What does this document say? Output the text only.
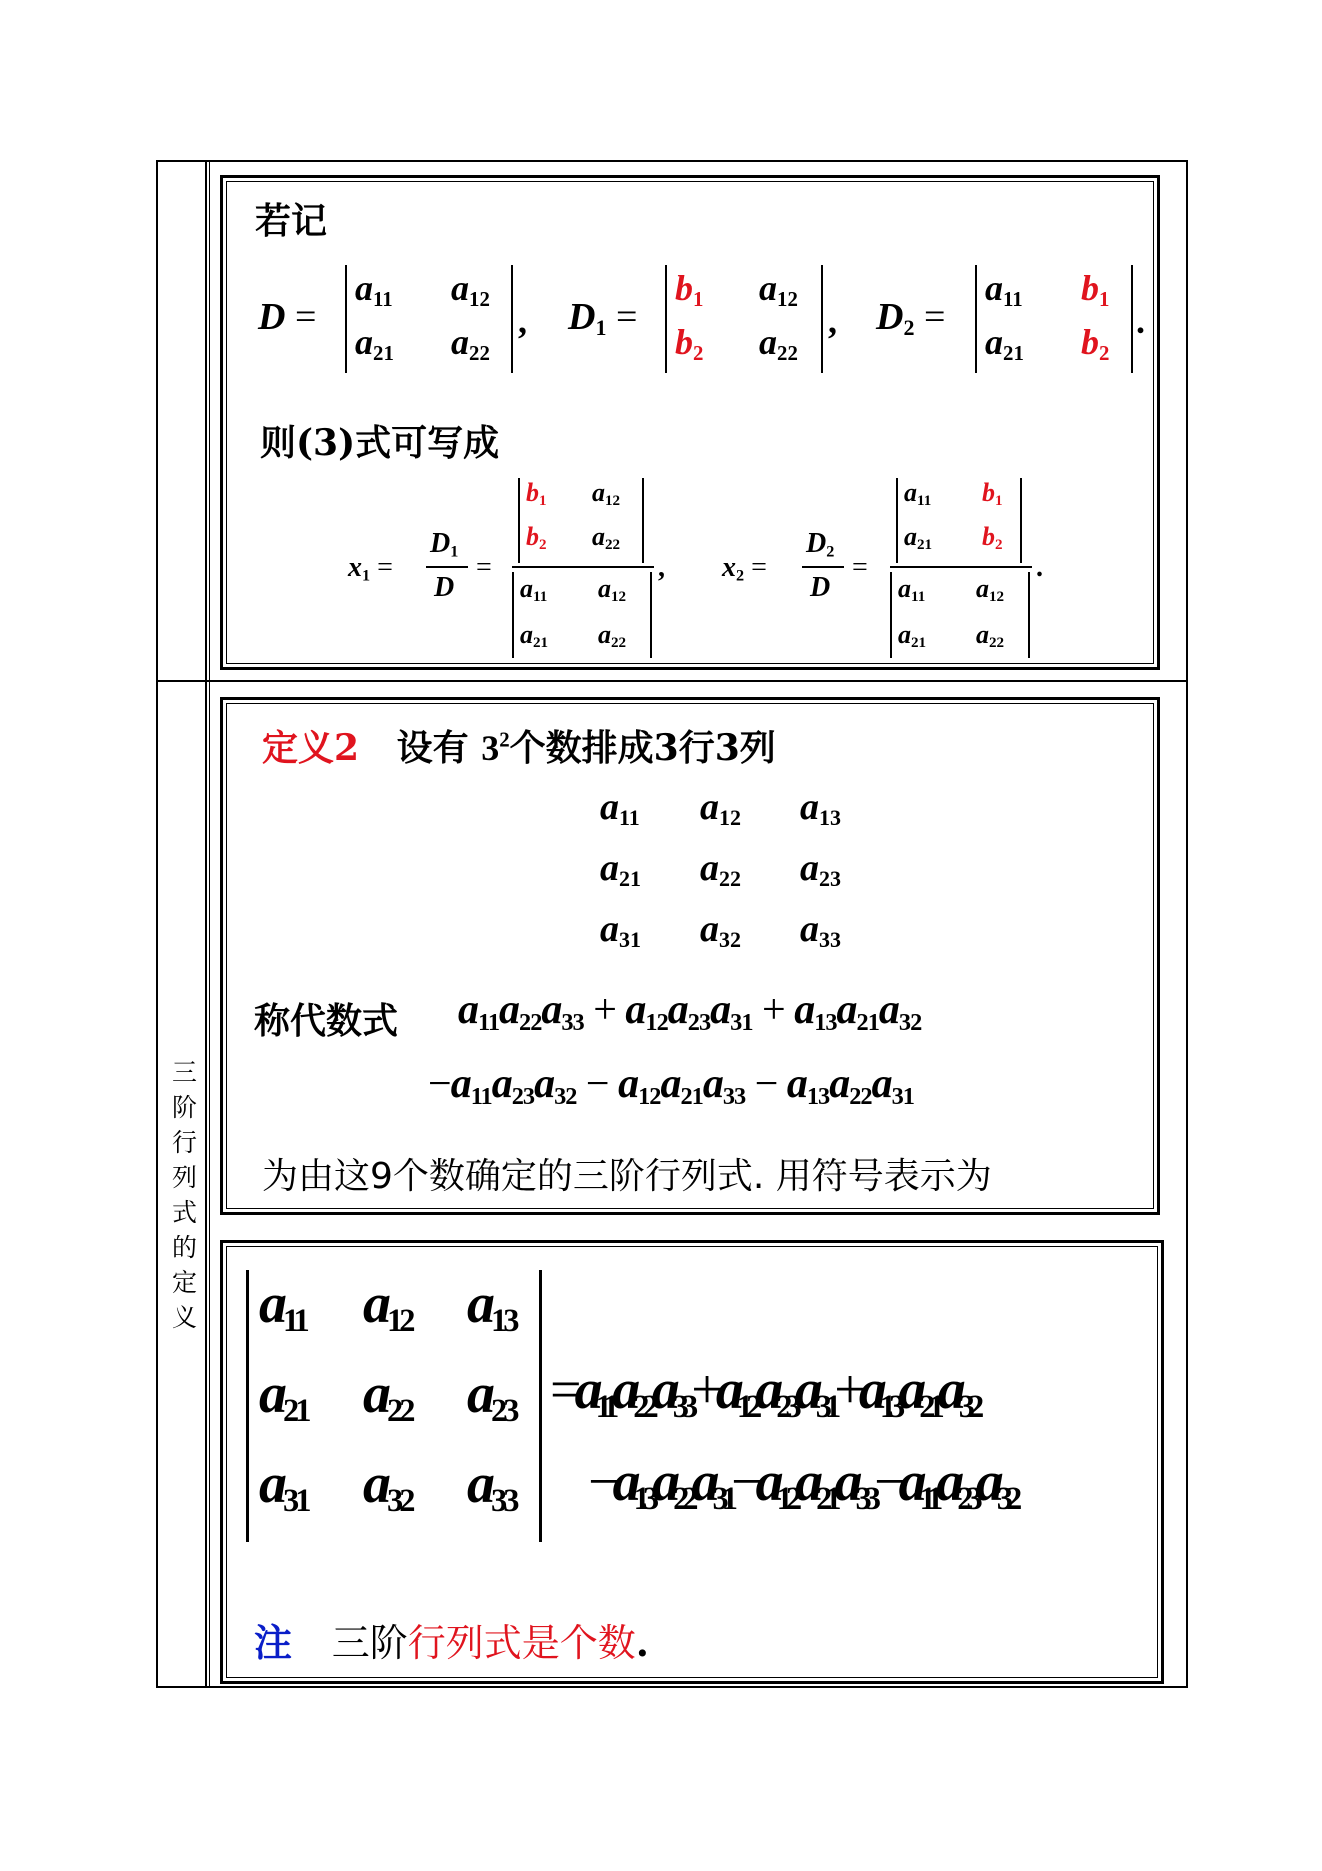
三
阶
行
列
式
的
定
义
若记
D =
$a_{11}$ $a_{12}$
$a_{21}$ $a_{22}$
, $D_1$ =
$b_1$ $a_{12}$
$b_2$ $a_{22}$
, $D_2$ =
$a_{11}$ $b_1$
$a_{21}$ $b_2$
.
则(3)式可写成
$x_1$ =
$D_1$
D
=
$b_1$ $a_{12}$
$b_2$ $a_{22}$
$a_{11}$ $a_{12}$
$a_{21}$ $a_{22}$
, $x_2$ =
$D_2$
D
=
$a_{11}$ $b_1$
$a_{21}$ $b_2$
$a_{11}$ $a_{12}$
$a_{21}$ $a_{22}$
.
定义2 设有 $3^2$个数排成3行3列
$a_{11}$ $a_{12}$ $a_{13}$
$a_{21}$ $a_{22}$ $a_{23}$
$a_{31}$ $a_{32}$ $a_{33}$
称代数式 $a_{11}a_{22}a_{33} + a_{12}a_{23}a_{31} + a_{13}a_{21}a_{32}$
$-a_{11}a_{23}a_{32} - a_{12}a_{21}a_{33} - a_{13}a_{22}a_{31}$
为由这9个数确定的三阶行列式. 用符号表示为
$a_{11}$ $a_{12}$ $a_{13}$
$a_{21}$ $a_{22}$ $a_{23}$
$a_{31}$ $a_{32}$ $a_{33}$
$=a_{11}a_{22}a_{33}+a_{12}a_{23}a_{31}+a_{13}a_{21}a_{32}$
$-a_{13}a_{22}a_{31}-a_{12}a_{21}a_{33}-a_{11}a_{23}a_{32}$
注 三阶行列式是个数.
